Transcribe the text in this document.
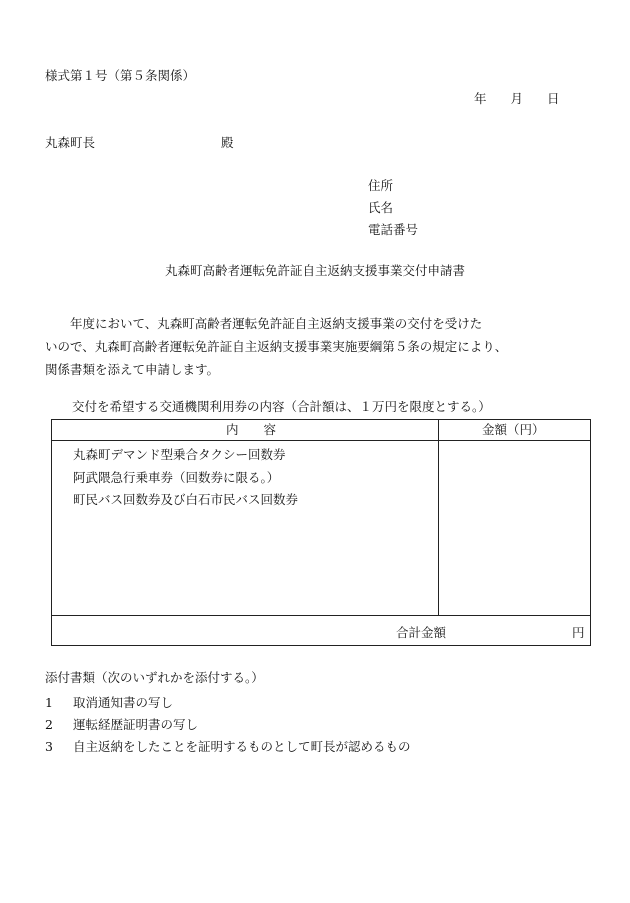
様式第１号（第５条関係）
年 月 日
丸森町長	殿
住所
氏名
電話番号
丸森町高齢者運転免許証自主返納支援事業交付申請書
　　年度において、丸森町高齢者運転免許証自主返納支援事業の交付を受けた
いので、丸森町高齢者運転免許証自主返納支援事業実施要綱第５条の規定により、
関係書類を添えて申請します。
交付を希望する交通機関利用券の内容（合計額は、１万円を限度とする。）
内　　容	金額（円）
丸森町デマンド型乗合タクシー回数券
阿武隈急行乗車券（回数券に限る。）
町民バス回数券及び白石市民バス回数券
合計金額	円
添付書類（次のいずれかを添付する。）
1 取消通知書の写し
2 運転経歴証明書の写し
3 自主返納をしたことを証明するものとして町長が認めるもの
